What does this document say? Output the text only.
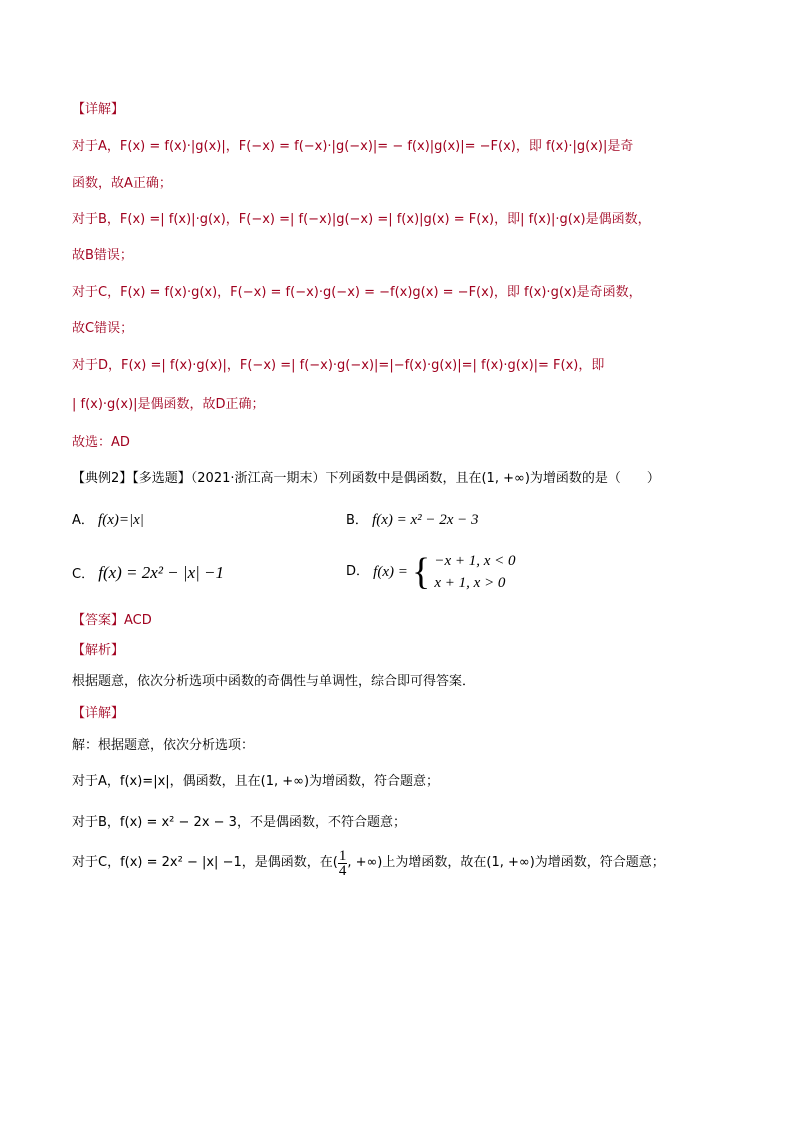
【详解】
对于A，F(x) = f(x)·|g(x)|，F(−x) = f(−x)·|g(−x)|= − f(x)|g(x)|= −F(x)，即 f(x)·|g(x)|是奇
函数，故A正确；
对于B，F(x) =| f(x)|·g(x)，F(−x) =| f(−x)|g(−x) =| f(x)|g(x) = F(x)，即| f(x)|·g(x)是偶函数，
故B错误；
对于C，F(x) = f(x)·g(x)，F(−x) = f(−x)·g(−x) = −f(x)g(x) = −F(x)，即 f(x)·g(x)是奇函数，
故C错误；
对于D，F(x) =| f(x)·g(x)|，F(−x) =| f(−x)·g(−x)|=|−f(x)·g(x)|=| f(x)·g(x)|= F(x)，即
| f(x)·g(x)|是偶函数，故D正确；
故选：AD
【典例2】【多选题】（2021·浙江高一期末）下列函数中是偶函数，且在(1, +∞)为增函数的是（　　）
A． f(x)=|x|	B． f(x) = x² − 2x − 3
C． f(x) = 2x² − |x| −1	D． f(x) = { −x + 1, x < 0
x + 1, x > 0
【答案】ACD
【解析】
根据题意，依次分析选项中函数的奇偶性与单调性，综合即可得答案．
【详解】
解：根据题意，依次分析选项：
对于A，f(x)=|x|，偶函数，且在(1, +∞)为增函数，符合题意；
对于B，f(x) = x² − 2x − 3，不是偶函数，不符合题意；
对于C，f(x) = 2x² − |x| −1，是偶函数，在( $\frac{1}{4}$ , +∞)上为增函数，故在(1, +∞)为增函数，符合题意；
